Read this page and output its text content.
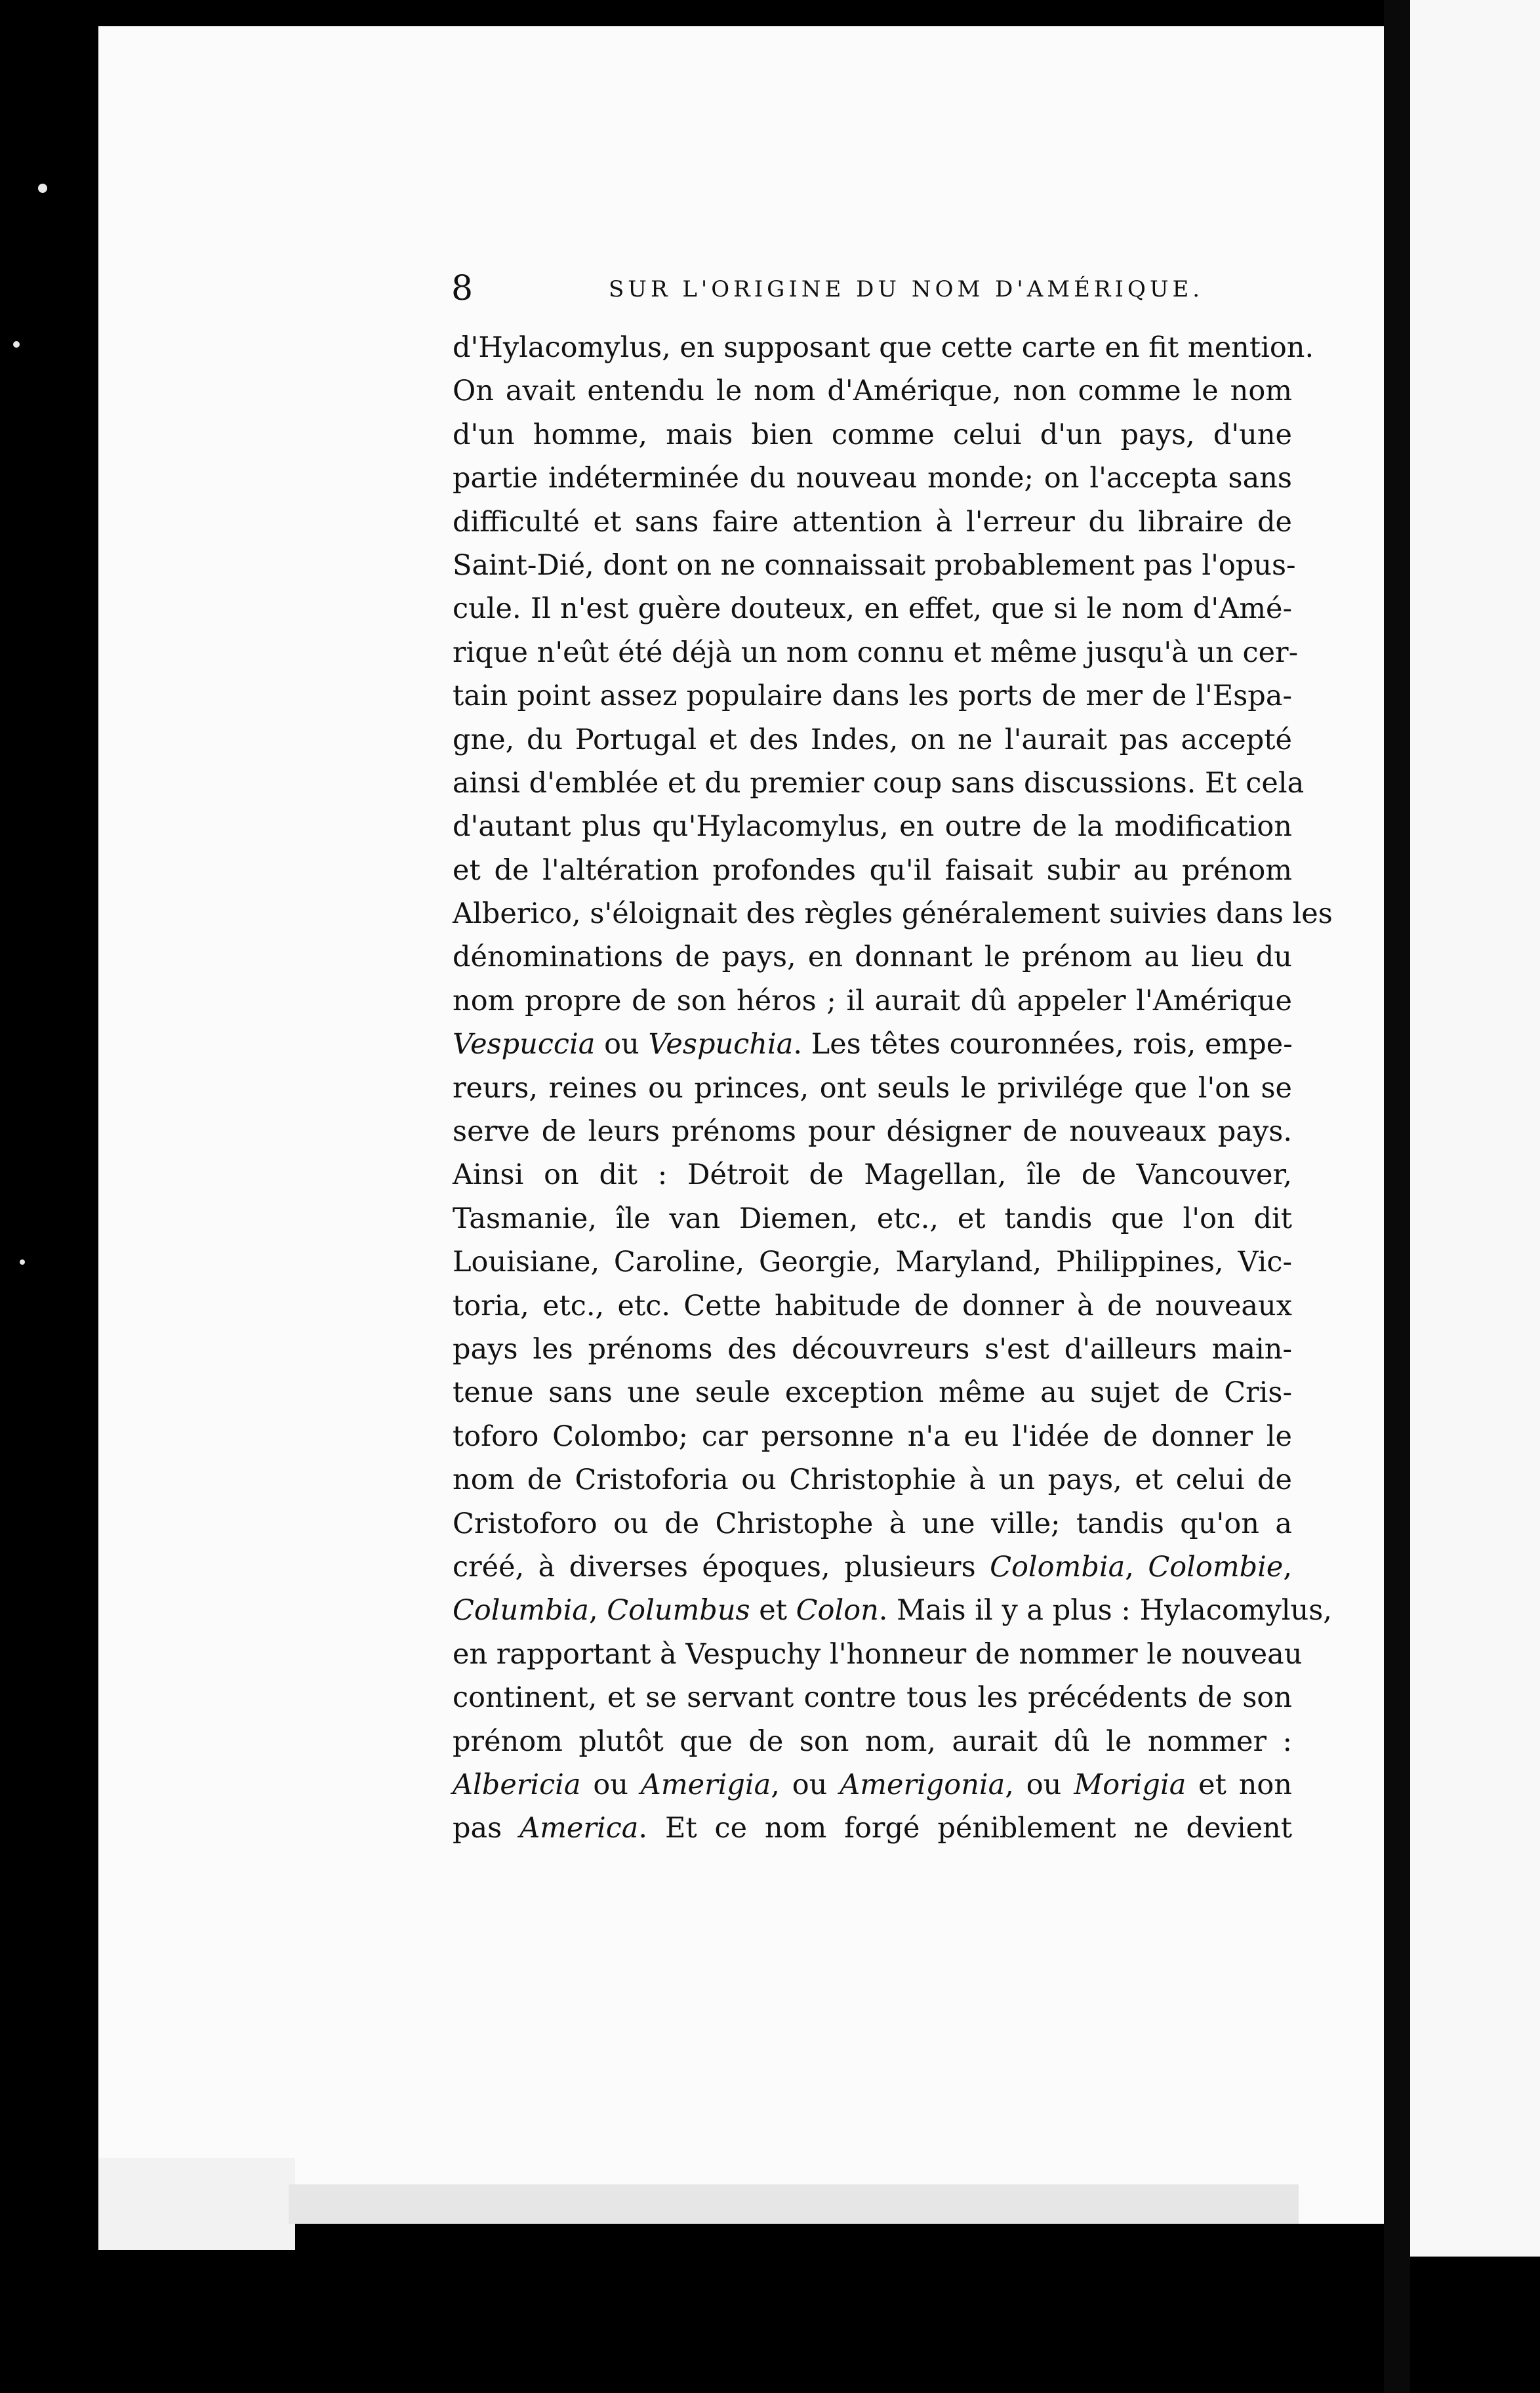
8	SUR L'ORIGINE DU NOM D'AMÉRIQUE.
d'Hylacomylus, en supposant que cette carte en fit mention.
On avait entendu le nom d'Amérique, non comme le nom
d'un homme, mais bien comme celui d'un pays, d'une
partie indéterminée du nouveau monde; on l'accepta sans
difficulté et sans faire attention à l'erreur du libraire de
Saint-Dié, dont on ne connaissait probablement pas l'opus-
cule. Il n'est guère douteux, en effet, que si le nom d'Amé-
rique n'eût été déjà un nom connu et même jusqu'à un cer-
tain point assez populaire dans les ports de mer de l'Espa-
gne, du Portugal et des Indes, on ne l'aurait pas accepté
ainsi d'emblée et du premier coup sans discussions. Et cela
d'autant plus qu'Hylacomylus, en outre de la modification
et de l'altération profondes qu'il faisait subir au prénom
Alberico, s'éloignait des règles généralement suivies dans les
dénominations de pays, en donnant le prénom au lieu du
nom propre de son héros ; il aurait dû appeler l'Amérique
Vespuccia ou Vespuchia. Les têtes couronnées, rois, empe-
reurs, reines ou princes, ont seuls le privilége que l'on se
serve de leurs prénoms pour désigner de nouveaux pays.
Ainsi on dit : Détroit de Magellan, île de Vancouver,
Tasmanie, île van Diemen, etc., et tandis que l'on dit
Louisiane, Caroline, Georgie, Maryland, Philippines, Vic-
toria, etc., etc. Cette habitude de donner à de nouveaux
pays les prénoms des découvreurs s'est d'ailleurs main-
tenue sans une seule exception même au sujet de Cris-
toforo Colombo; car personne n'a eu l'idée de donner le
nom de Cristoforia ou Christophie à un pays, et celui de
Cristoforo ou de Christophe à une ville; tandis qu'on a
créé, à diverses époques, plusieurs Colombia, Colombie,
Columbia, Columbus et Colon. Mais il y a plus : Hylacomylus,
en rapportant à Vespuchy l'honneur de nommer le nouveau
continent, et se servant contre tous les précédents de son
prénom plutôt que de son nom, aurait dû le nommer :
Albericia ou Amerigia, ou Amerigonia, ou Morigia et non
pas America. Et ce nom forgé péniblement ne devient
